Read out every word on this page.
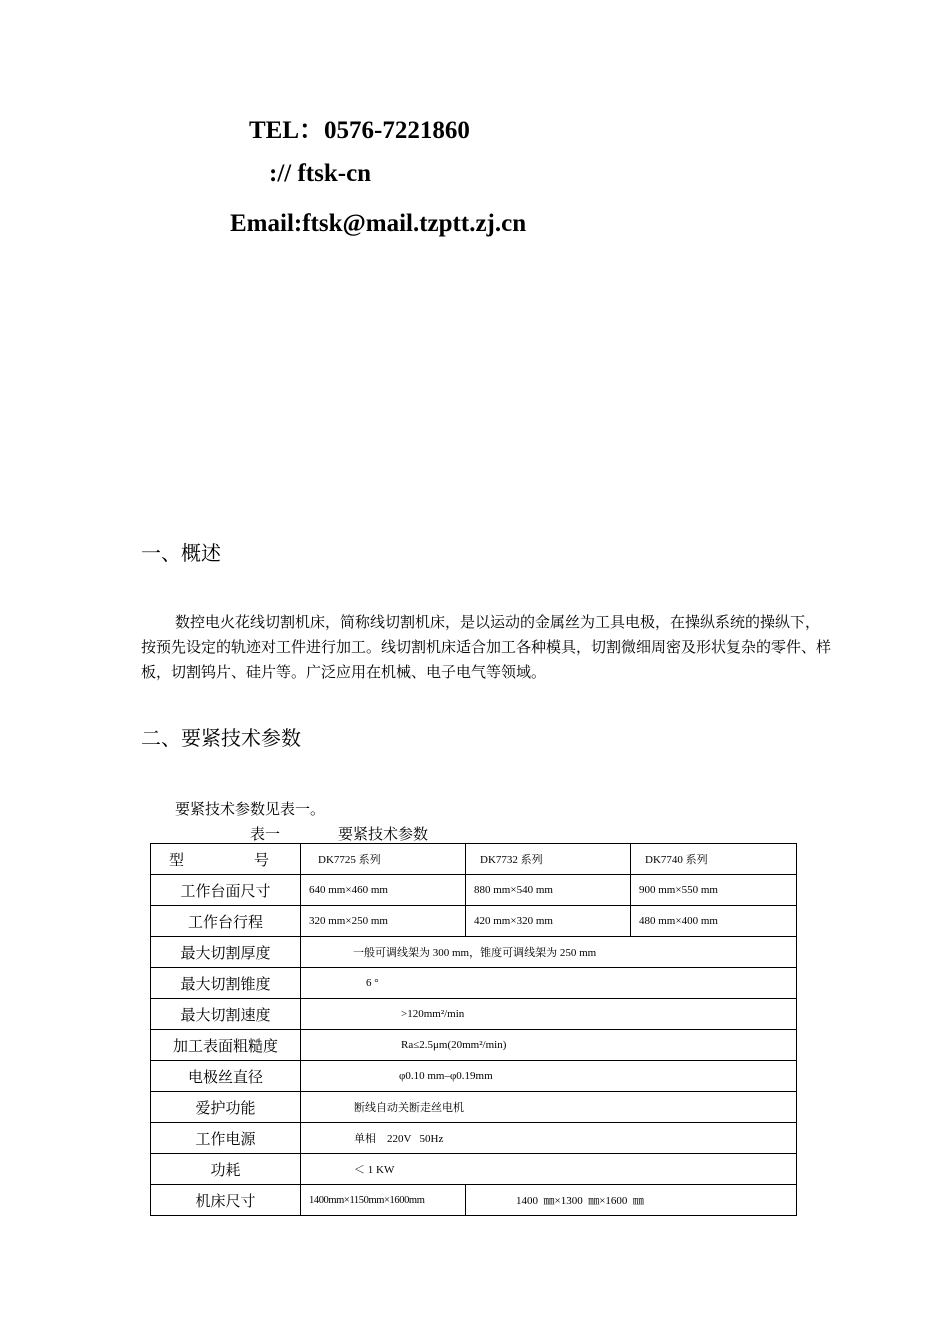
TEL：0576-7221860
:// ftsk-cn
Email:ftsk@mail.tzptt.zj.cn
一、概述

数控电火花线切割机床，简称线切割机床，是以运动的金属丝为工具电极，在操纵系统的操纵下，按预先设定的轨迹对工件进行加工。线切割机床适合加工各种模具，切割微细周密及形状复杂的零件、样板，切割钨片、硅片等。广泛应用在机械、电子电气等领域。

二、要紧技术参数
要紧技术参数见表一。
表一	要紧技术参数
型 号	DK7725 系列	DK7732 系列	DK7740 系列
工作台面尺寸	640 mm×460 mm	880 mm×540 mm	900 mm×550 mm
工作台行程	320 mm×250 mm	420 mm×320 mm	480 mm×400 mm
最大切割厚度	一般可调线架为 300 mm，锥度可调线架为 250 mm		
最大切割锥度	6 °		
最大切割速度	>120mm²/min		
加工表面粗糙度	Ra≤2.5μm(20mm²/min)		
电极丝直径	φ0.10 mm–φ0.19mm		
爱护功能	断线自动关断走丝电机		
工作电源	单相    220V   50Hz		
功耗	＜ 1 KW		
机床尺寸	1400mm×1150mm×1600mm	1400  ㎜×1300  ㎜×1600  ㎜	
